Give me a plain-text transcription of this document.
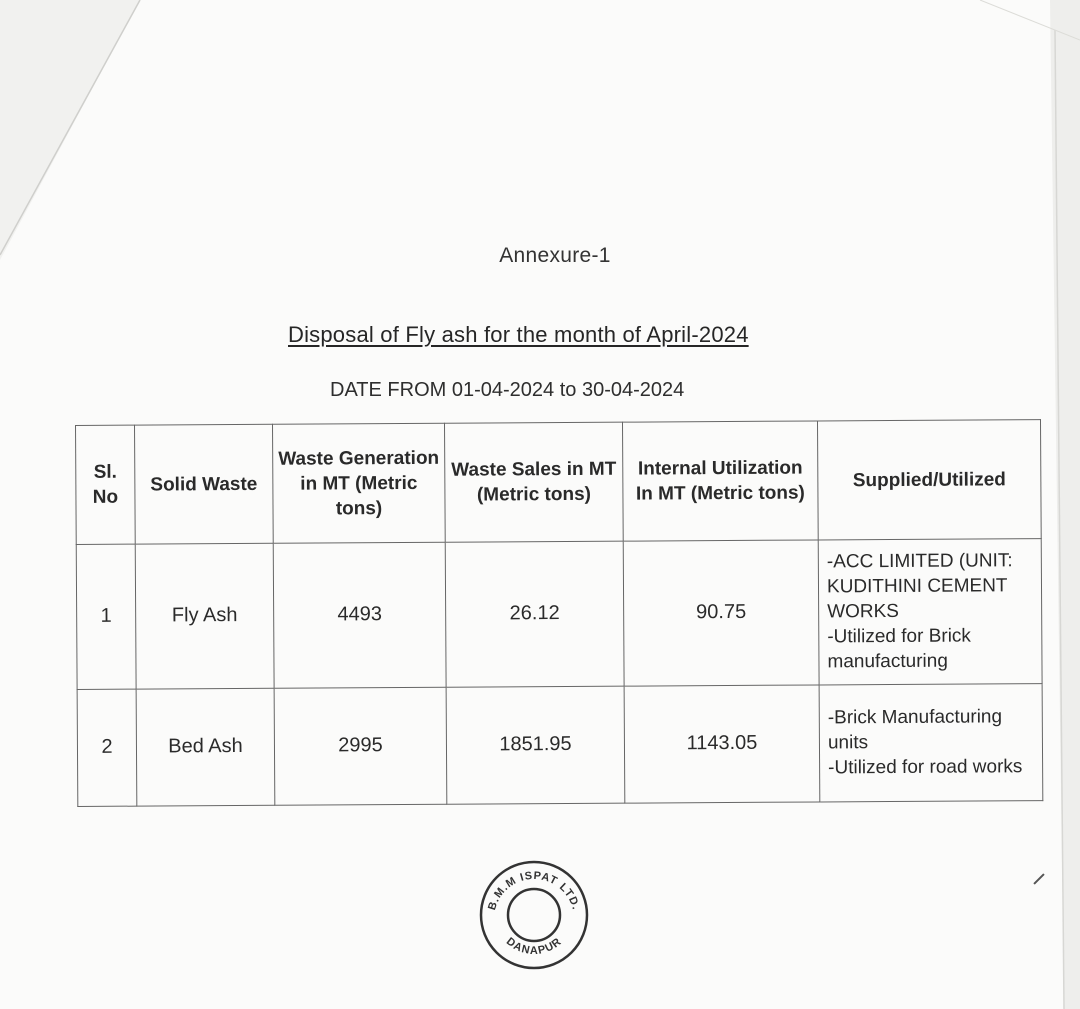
Annexure-1
Disposal of Fly ash for the month of April-2024
DATE FROM 01-04-2024 to 30-04-2024
Sl. No	Solid Waste	Waste Generation in MT (Metric tons)	Waste Sales in MT (Metric tons)	Internal Utilization In MT (Metric tons)	Supplied/Utilized
1	Fly Ash	4493	26.12	90.75	-ACC LIMITED (UNIT: KUDITHINI CEMENT WORKS
-Utilized for Brick manufacturing

2	Bed Ash	2995	1851.95	1143.05	-Brick Manufacturing units
-Utilized for road works
B.M.M ISPAT LTD.
DANAPUR
